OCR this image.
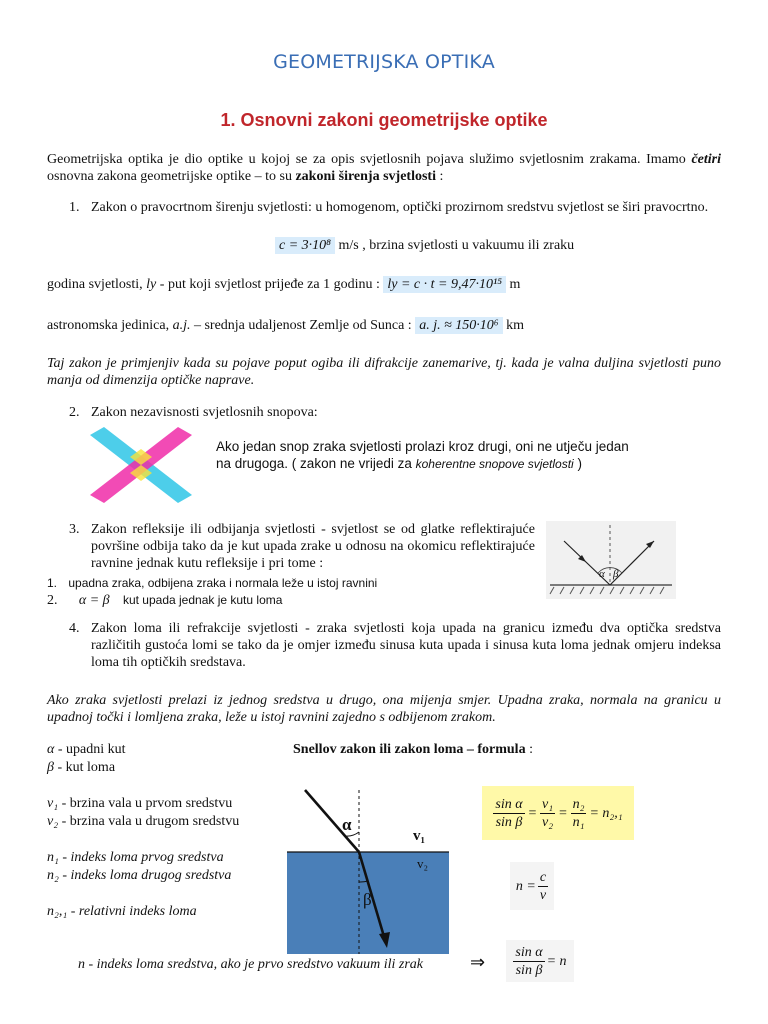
GEOMETRIJSKA OPTIKA
1. Osnovni zakoni geometrijske optike
Geometrijska optika je dio optike u kojoj se za opis svjetlosnih pojava služimo svjetlosnim zrakama. Imamo četiri osnovna zakona geometrijske optike – to su zakoni širenja svjetlosti :
1. Zakon o pravocrtnom širenju svjetlosti: u homogenom, optički prozirnom sredstvu svjetlost se širi pravocrtno.
c = 3·10⁸ m/s , brzina svjetlosti u vakuumu ili zraku
godina svjetlosti, ly - put koji svjetlost prijeđe za 1 godinu : ly = c · t = 9,47·10¹⁵ m
astronomska jedinica, a.j. – srednja udaljenost Zemlje od Sunca : a. j. ≈ 150·10⁶ km
Taj zakon je primjenjiv kada su pojave poput ogiba ili difrakcije zanemarive, tj. kada je valna duljina svjetlosti puno manja od dimenzija optičke naprave.
2. Zakon nezavisnosti svjetlosnih snopova:
Ako jedan snop zraka svjetlosti prolazi kroz drugi, oni ne utječu jedan na drugoga. ( zakon ne vrijedi za koherentne snopove svjetlosti )
3. Zakon refleksije ili odbijanja svjetlosti - svjetlost se od glatke reflektirajuće površine odbija tako da je kut upada zrake u odnosu na okomicu reflektirajuće ravnine jednak kutu refleksije i pri tome :
1. upadna zraka, odbijena zraka i normala leže u istoj ravnini
2. α = β kut upada jednak je kutu loma
α β
4. Zakon loma ili refrakcije svjetlosti - zraka svjetlosti koja upada na granicu između dva optička sredstva različitih gustoća lomi se tako da je omjer između sinusa kuta upada i sinusa kuta loma jednak omjeru indeksa loma tih optičkih sredstava.
Ako zraka svjetlosti prelazi iz jednog sredstva u drugo, ona mijenja smjer. Upadna zraka, normala na granicu u upadnoj točki i lomljena zraka, leže u istoj ravnini zajedno s odbijenom zrakom.
α - upadni kut
β - kut loma
v₁ - brzina vala u prvom sredstvu
v₂ - brzina vala u drugom sredstvu
n₁ - indeks loma prvog sredstva
n₂ - indeks loma drugog sredstva
n₂,₁ - relativni indeks loma
Snellov zakon ili zakon loma – formula :
α
β
v₁
v₂
$\frac{\text{sin α}}{\text{sin β}} = \frac{\text{v₁}}{\text{v₂}} = \frac{\text{n₂}}{\text{n₁}} = n_2,_1$
$n = \frac{c}{v}$
n - indeks loma sredstva, ako je prvo sredstvo vakuum ili zrak	⇒ $\frac{\text{sin α}}{\text{sin β}} = n$
